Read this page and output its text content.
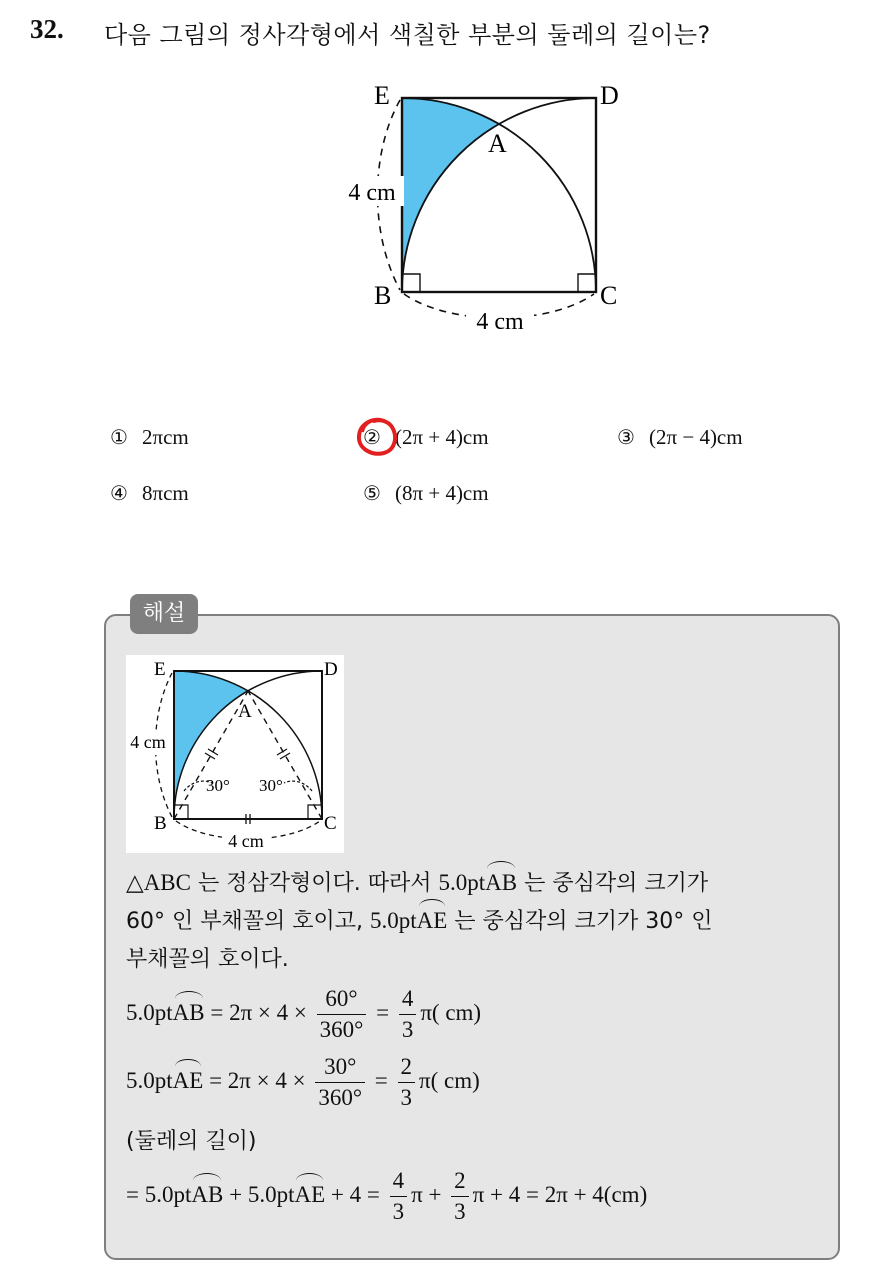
32. 다음 그림의 정사각형에서 색칠한 부분의 둘레의 길이는?
4 cm
4 cm
E	D
A
B	C
① 2πcm	② (2π + 4)cm	③ (2π − 4)cm
④ 8πcm	⑤ (8π + 4)cm
해설
4 cm
4 cm
30° 30°
E	D
A
B	C
△ABC 는 정삼각형이다. 따라서 5.0ptAB 는 중심각의 크기가
60° 인 부채꼴의 호이고, 5.0ptAE 는 중심각의 크기가 30° 인
부채꼴의 호이다.
5.0ptAB = $2\pi \times 4 \times \frac{60^\circ}{360^\circ} = \frac{4}{3} \pi$( cm)
5.0ptAE = $2\pi \times 4 \times \frac{30^\circ}{360^\circ} = \frac{2}{3} \pi$( cm)
(둘레의 길이)
= 5.0ptAB + 5.0ptAE + $4 = \frac{4}{3}$ $\pi + \frac{2}{3}$ π + 4 = 2π + 4(cm)
